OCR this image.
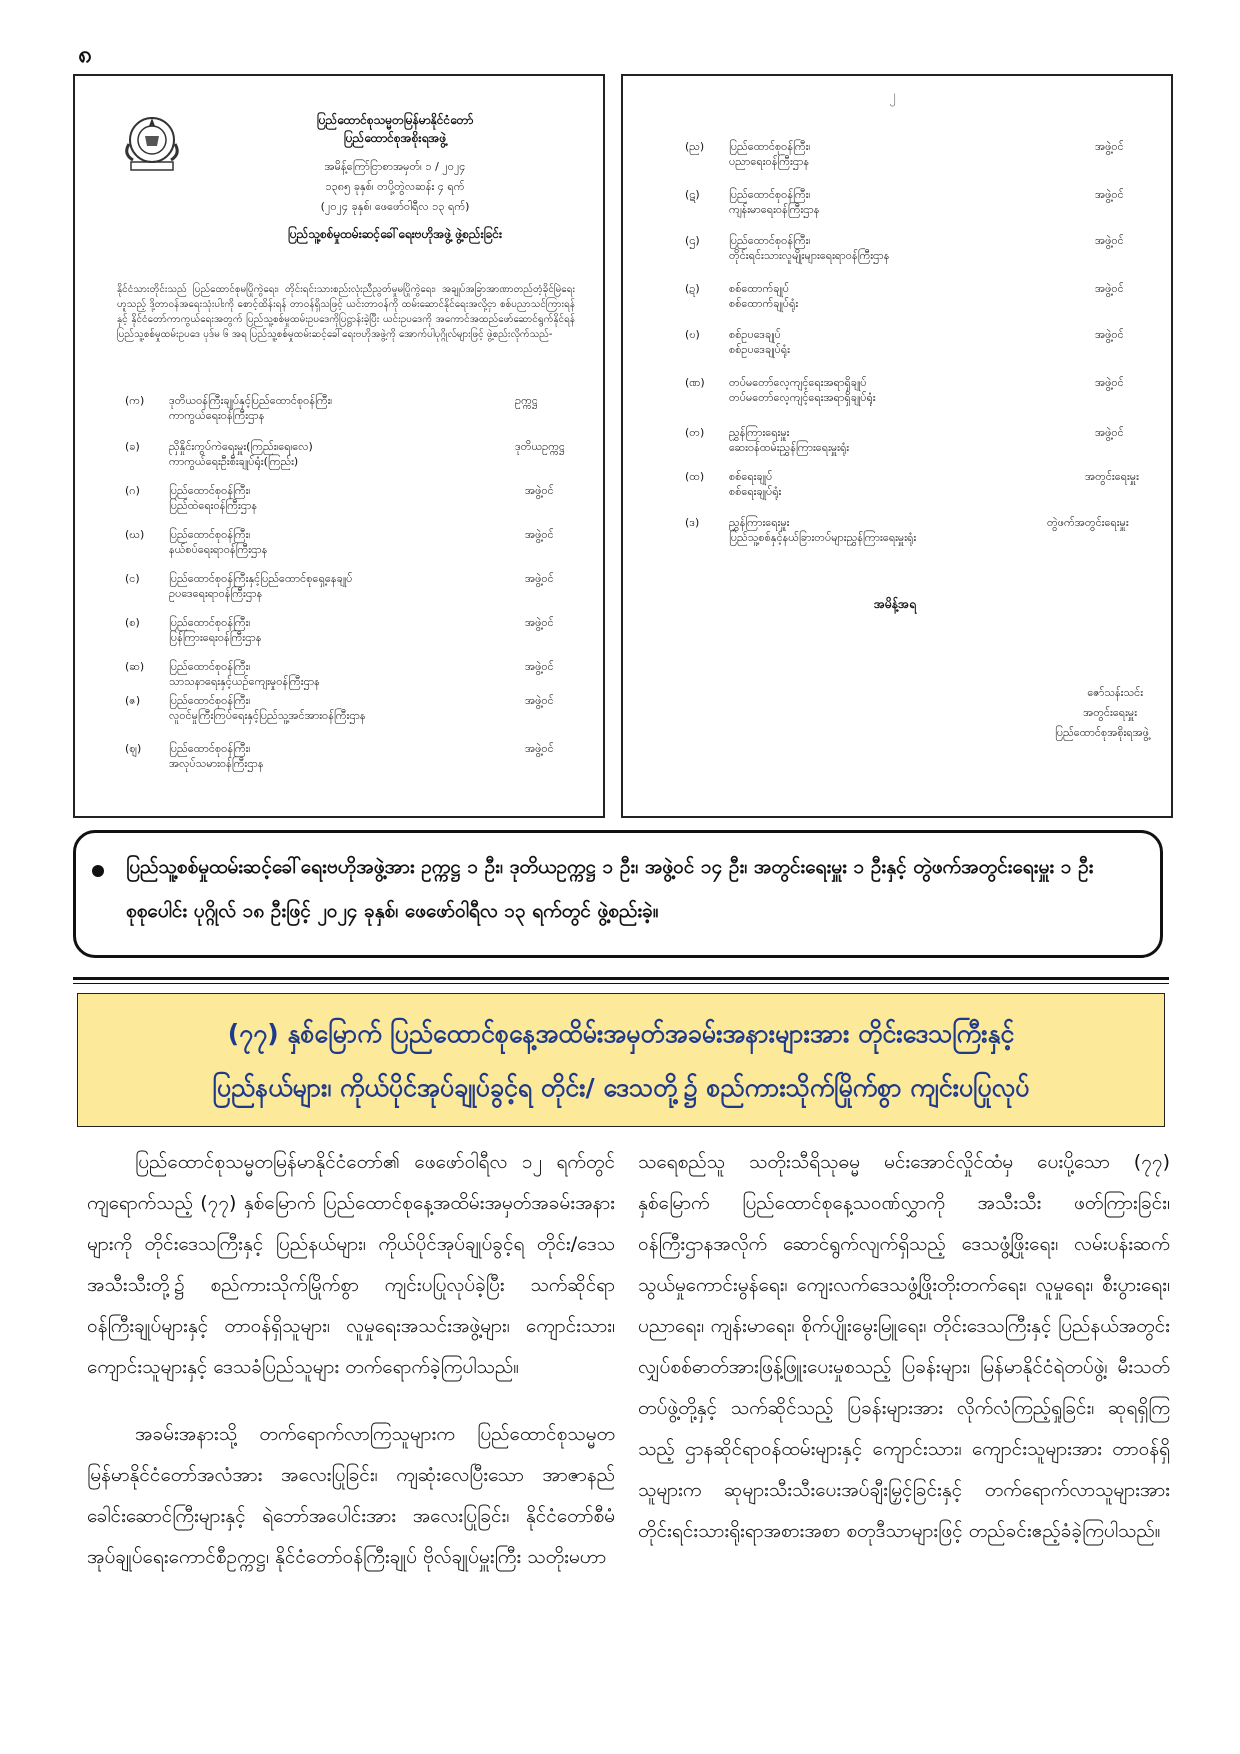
၈
ပြည်ထောင်စုသမ္မတမြန်မာနိုင်ငံတော်
ပြည်ထောင်စုအစိုးရအဖွဲ့
အမိန့်ကြော်ငြာစာအမှတ်၊ ၁ / ၂၀၂၄
၁၃၈၅ ခုနှစ်၊ တပို့တွဲလဆန်း ၄ ရက်
(၂၀၂၄ ခုနှစ်၊ ဖေဖော်ဝါရီလ ၁၃ ရက်)
ပြည်သူ့စစ်မှုထမ်းဆင့်ခေါ်ရေးဗဟိုအဖွဲ့ ဖွဲ့စည်းခြင်း
နိုင်ငံသားတိုင်းသည် ပြည်ထောင်စုမပြိုကွဲရေး၊ တိုင်းရင်းသားစည်းလုံးညီညွတ်မှုမပြိုကွဲရေး၊ အချုပ်အခြာအာဏာတည်တံ့ခိုင်မြဲရေးဟူသည့် ဒို့တာဝန်အရေးသုံးပါးကို စောင့်ထိန်းရန် တာဝန်ရှိသဖြင့် ယင်းတာဝန်ကို ထမ်းဆောင်နိုင်ရေးအလို့ငှာ စစ်ပညာသင်ကြားရန်နှင့် နိုင်ငံတော်ကာကွယ်ရေးအတွက် ပြည်သူ့စစ်မှုထမ်းဥပဒေကိုပြဋ္ဌာန်းခဲ့ပြီး ယင်းဥပဒေကို အကောင်အထည်ဖော်ဆောင်ရွက်နိုင်ရန် ပြည်သူ့စစ်မှုထမ်းဥပဒေ ပုဒ်မ ၆ အရ ပြည်သူ့စစ်မှုထမ်းဆင့်ခေါ်ရေးဗဟိုအဖွဲ့ကို အောက်ပါပုဂ္ဂိုလ်များဖြင့် ဖွဲ့စည်းလိုက်သည်-
(က)	ဒုတိယဝန်ကြီးချုပ်နှင့်ပြည်ထောင်စုဝန်ကြီး၊
ကာကွယ်ရေးဝန်ကြီးဌာန
ဥက္ကဋ္ဌ
(ခ)	ညှိနှိုင်းကွပ်ကဲရေးမှူး(ကြည်း၊ရေ၊လေ)
ကာကွယ်ရေးဦးစီးချုပ်ရုံး(ကြည်း)
ဒုတိယဥက္ကဋ္ဌ
(ဂ)	ပြည်ထောင်စုဝန်ကြီး၊
ပြည်ထဲရေးဝန်ကြီးဌာန
အဖွဲ့ဝင်
(ဃ)	ပြည်ထောင်စုဝန်ကြီး၊
နယ်စပ်ရေးရာဝန်ကြီးဌာန
အဖွဲ့ဝင်
(င)	ပြည်ထောင်စုဝန်ကြီးနှင့်ပြည်ထောင်စုရှေ့နေချုပ်
ဥပဒေရေးရာဝန်ကြီးဌာန
အဖွဲ့ဝင်
(စ)	ပြည်ထောင်စုဝန်ကြီး၊
ပြန်ကြားရေးဝန်ကြီးဌာန
အဖွဲ့ဝင်
(ဆ)	ပြည်ထောင်စုဝန်ကြီး၊
သာသနာရေးနှင့်ယဉ်ကျေးမှုဝန်ကြီးဌာန
အဖွဲ့ဝင်
(ဇ)	ပြည်ထောင်စုဝန်ကြီး၊
လူဝင်မှုကြီးကြပ်ရေးနှင့်ပြည်သူ့အင်အားဝန်ကြီးဌာန
အဖွဲ့ဝင်
(ဈ)	ပြည်ထောင်စုဝန်ကြီး၊
အလုပ်သမားဝန်ကြီးဌာန
အဖွဲ့ဝင်
၂
(ည)	ပြည်ထောင်စုဝန်ကြီး၊
ပညာရေးဝန်ကြီးဌာန
အဖွဲ့ဝင်
(ဋ)	ပြည်ထောင်စုဝန်ကြီး၊
ကျန်းမာရေးဝန်ကြီးဌာန
အဖွဲ့ဝင်
(ဌ)	ပြည်ထောင်စုဝန်ကြီး၊
တိုင်းရင်းသားလူမျိုးများရေးရာဝန်ကြီးဌာန
အဖွဲ့ဝင်
(ဍ)	စစ်ထောက်ချုပ်
စစ်ထောက်ချုပ်ရုံး
အဖွဲ့ဝင်
(ဎ)	စစ်ဥပဒေချုပ်
စစ်ဥပဒေချုပ်ရုံး
အဖွဲ့ဝင်
(ဏ)	တပ်မတော်လေ့ကျင့်ရေးအရာရှိချုပ်
တပ်မတော်လေ့ကျင့်ရေးအရာရှိချုပ်ရုံး
အဖွဲ့ဝင်
(တ)	ညွှန်ကြားရေးမှူး
ဆေးဝန်ထမ်းညွှန်ကြားရေးမှူးရုံး
အဖွဲ့ဝင်
(ထ)	စစ်ရေးချုပ်
စစ်ရေးချုပ်ရုံး
အတွင်းရေးမှူး
(ဒ)	ညွှန်ကြားရေးမှူး
ပြည်သူ့စစ်နှင့်နယ်ခြားတပ်များညွှန်ကြားရေးမှူးရုံး
တွဲဖက်အတွင်းရေးမှူး
အမိန့်အရ
ဇော်သန်းသင်း
အတွင်းရေးမှူး
ပြည်ထောင်စုအစိုးရအဖွဲ့
ပြည်သူ့စစ်မှုထမ်းဆင့်ခေါ်ရေးဗဟိုအဖွဲ့အား ဥက္ကဋ္ဌ ၁ ဦး၊ ဒုတိယဥက္ကဋ္ဌ ၁ ဦး၊ အဖွဲ့ဝင် ၁၄ ဦး၊ အတွင်းရေးမှူး ၁ ဦးနှင့် တွဲဖက်အတွင်းရေးမှူး ၁ ဦး စုစုပေါင်း ပုဂ္ဂိုလ် ၁၈ ဦးဖြင့် ၂၀၂၄ ခုနှစ်၊ ဖေဖော်ဝါရီလ ၁၃ ရက်တွင် ဖွဲ့စည်းခဲ့။
(၇၇) နှစ်မြောက် ပြည်ထောင်စုနေ့အထိမ်းအမှတ်အခမ်းအနားများအား တိုင်းဒေသကြီးနှင့်
ပြည်နယ်များ၊ ကိုယ်ပိုင်အုပ်ချုပ်ခွင့်ရ တိုင်း/ ဒေသတို့၌ စည်ကားသိုက်မြိုက်စွာ ကျင်းပပြုလုပ်

ပြည်ထောင်စုသမ္မတမြန်မာနိုင်ငံတော်၏ ဖေဖော်ဝါရီလ ၁၂ ရက်တွင် ကျရောက်သည့် (၇၇) နှစ်မြောက် ပြည်ထောင်စုနေ့အထိမ်းအမှတ်အခမ်းအနားများကို တိုင်းဒေသကြီးနှင့် ပြည်နယ်များ၊ ကိုယ်ပိုင်အုပ်ချုပ်ခွင့်ရ တိုင်း/ဒေသအသီးသီးတို့၌ စည်ကားသိုက်မြိုက်စွာ ကျင်းပပြုလုပ်ခဲ့ပြီး သက်ဆိုင်ရာဝန်ကြီးချုပ်များနှင့် တာဝန်ရှိသူများ၊ လူမှုရေးအသင်းအဖွဲ့များ၊ ကျောင်းသား၊ ကျောင်းသူများနှင့် ဒေသခံပြည်သူများ တက်ရောက်ခဲ့ကြပါသည်။

အခမ်းအနားသို့ တက်ရောက်လာကြသူများက ပြည်ထောင်စုသမ္မတမြန်မာနိုင်ငံတော်အလံအား အလေးပြုခြင်း၊ ကျဆုံးလေပြီးသော အာဇာနည်ခေါင်းဆောင်ကြီးများနှင့် ရဲဘော်အပေါင်းအား အလေးပြုခြင်း၊ နိုင်ငံတော်စီမံအုပ်ချုပ်ရေးကောင်စီဥက္ကဋ္ဌ၊ နိုင်ငံတော်ဝန်ကြီးချုပ် ဗိုလ်ချုပ်မှူးကြီး သတိုးမဟာ

သရေစည်သူ သတိုးသီရိသုဓမ္မ မင်းအောင်လှိုင်ထံမှ ပေးပို့သော (၇၇) နှစ်မြောက် ပြည်ထောင်စုနေ့သဝဏ်လွှာကို အသီးသီး ဖတ်ကြားခြင်း၊ ဝန်ကြီးဌာနအလိုက် ဆောင်ရွက်လျက်ရှိသည့် ဒေသဖွံ့ဖြိုးရေး၊ လမ်းပန်းဆက်သွယ်မှုကောင်းမွန်ရေး၊ ကျေးလက်ဒေသဖွံ့ဖြိုးတိုးတက်ရေး၊ လူမှုရေး၊ စီးပွားရေး၊ ပညာရေး၊ ကျန်းမာရေး၊ စိုက်ပျိုးမွေးမြူရေး၊ တိုင်းဒေသကြီးနှင့် ပြည်နယ်အတွင်း လျှပ်စစ်ဓာတ်အားဖြန့်ဖြူးပေးမှုစသည့် ပြခန်းများ၊ မြန်မာနိုင်ငံရဲတပ်ဖွဲ့၊ မီးသတ်တပ်ဖွဲ့တို့နှင့် သက်ဆိုင်သည့် ပြခန်းများအား လိုက်လံကြည့်ရှုခြင်း၊ ဆုရရှိကြသည့် ဌာနဆိုင်ရာဝန်ထမ်းများနှင့် ကျောင်းသား၊ ကျောင်းသူများအား တာဝန်ရှိသူများက ဆုများသီးသီးပေးအပ်ချီးမြှင့်ခြင်းနှင့် တက်ရောက်လာသူများအား တိုင်းရင်းသားရိုးရာအစားအစာ စတုဒီသာများဖြင့် တည်ခင်းဧည့်ခံခဲ့ကြပါသည်။
